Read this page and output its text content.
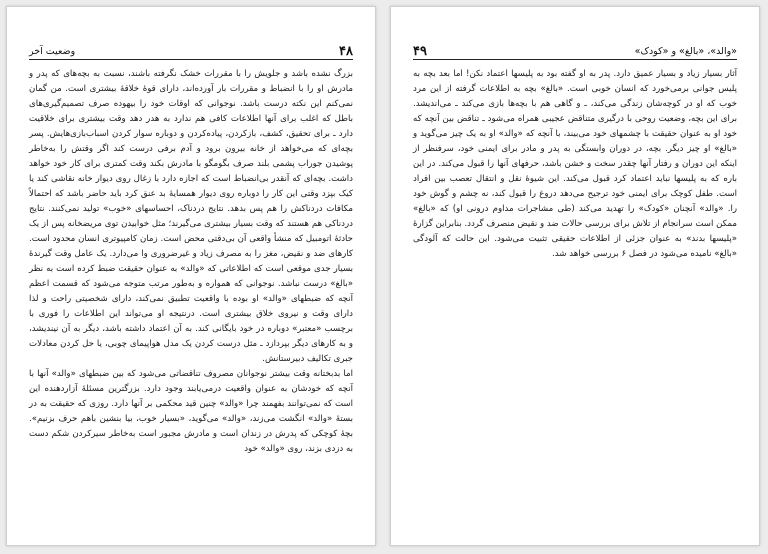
وضعیت آخر	۴۸

بزرگ نشده باشد و جلویش را با مقررات خشک نگرفته باشند، نسبت به بچه‌های که پدر و مادرش او را با انضباط و مقررات بار آورده‌اند، دارای قوهٔ خلاقهٔ بیشتری است. من گمان نمی‌کنم این نکته درست باشد. نوجوانی که اوقات خود را بیهوده صرف تصمیم‌گیری‌های باطل که اغلب برای آنها اطلاعات کافی هم ندارد به هدر دهد وقت بیشتری برای خلاقیت دارد ـ برای تحقیق، کشف، بازکردن، پیاده‌کردن و دوباره سوار کردن اسباب‌بازی‌هایش. پسر بچه‌ای که می‌خواهد از خانه بیرون برود و آدم برفی درست کند اگر وقتش را به‌خاطر پوشیدن جوراب پشمی بلند صرف بگومگو با مادرش بکند وقت کمتری برای کار خود خواهد داشت. بچه‌ای که آنقدر بی‌انضباط است که اجازه دارد با زغال روی دیوار خانه نقاشی کند یا کیک بپزد وقتی این کار را دوباره روی دیوار همسایهٔ بد عنق کرد باید حاضر باشد که احتمالاً مکافات دردناکش را هم پس بدهد. نتایج دردناک، احساسهای «خوب» تولید نمی‌کنند. نتایج دردناکی هم هستند که وقت بسیار بیشتری می‌گیرند؛ مثل خوابیدن توی مریضخانه پس از یک حادثهٔ اتومبیل که منشأ واقعی آن بی‌دقتی محض است. زمان کامپیوتری انسان محدود است. کارهای ضد و نقیض، مغز را به مصرف زیاد و غیرضروری وا می‌دارد. یک عامل وقت گیرندهٔ بسیار جدی موقعی است که اطلاعاتی که «والد» به عنوان حقیقت ضبط کرده است به نظر «بالغ» درست نباشد. نوجوانی که همواره و به‌طور مرتب متوجه می‌شود که قسمت اعظم آنچه که ضبطهای «والد» او بوده با واقعیت تطبیق نمی‌کند، دارای شخصیتی راحت و لذا دارای وقت و نیروی خلاق بیشتری است. درنتیجه او می‌تواند این اطلاعات را فوری با برچسب «معتبر» دوباره در خود بایگانی کند. به آن اعتماد داشته باشد، دیگر به آن نیندیشد، و به کارهای دیگر بپردازد ـ مثل درست کردن یک مدل هواپیمای چوبی، یا حل کردن معادلات جبری تکالیف دبیرستانش.

اما بدبختانه وقت بیشتر نوجوانان مصروف تناقضاتی می‌شود که بین ضبطهای «والد» آنها با آنچه که خودشان به عنوان واقعیت درمی‌یابند وجود دارد. بزرگترین مسئلهٔ آزاردهنده این است که نمی‌توانند بفهمند چرا «والد» چنین قید محکمی بر آنها دارد. روزی که حقیقت به در بستهٔ «والد» انگشت می‌زند، «والد» می‌گوید، «بسیار خوب، بیا بنشین باهم حرف بزنیم». بچهٔ کوچکی که پدرش در زندان است و مادرش مجبور است به‌خاطر سیرکردن شکم دست به دزدی بزند، روی «والد» خود

۴۹	«والد»، «بالغ» و «کودک»

آثار بسیار زیاد و بسیار عمیق دارد. پدر به او گفته بود به پلیسها اعتماد نکن‌! اما بعد بچه به پلیس جوانی برمی‌خورد که انسان خوبی است. «بالغ» بچه به اطلاعات گرفته از این مرد خوب که او در کوچه‌شان زندگی می‌کند، ـ و گاهی هم با بچه‌ها بازی می‌کند ـ می‌اندیشد. برای این بچه، وضعیت روحی با درگیری متناقض عجیبی همراه می‌شود ـ تناقض بین آنچه که خود او به عنوان حقیقت با چشمهای خود می‌بیند، با آنچه که «والد» او به یک چیز می‌گوید و «بالغ» او چیز دیگر. بچه، در دوران وابستگی به پدر و مادر برای ایمنی خود، سرفنظر از اینکه این دوران و رفتار آنها چقدر سخت و خشن باشد، حرفهای آنها را قبول می‌کند. در این باره که به پلیسها نباید اعتماد کرد قبول می‌کند. این شیوهٔ نقل و انتقال تعصب بین افراد است. طفل کوچک برای ایمنی خود ترجیح می‌دهد دروغ را قبول کند، نه چشم و گوش خود را. «والد» آنچنان «کودک» را تهدید می‌کند (طی مشاجرات مداوم درونی او) که «بالغ» ممکن است سرانجام از تلاش برای بررسی حالات ضد و نقیض منصرف گردد. بنابراین گزارهٔ «پلیسها بدند» به عنوان جزئی از اطلاعات حقیقی تثبیت می‌شود. این حالت که آلودگی «بالغ» نامیده می‌شود در فصل ۶ بررسی خواهد شد.
